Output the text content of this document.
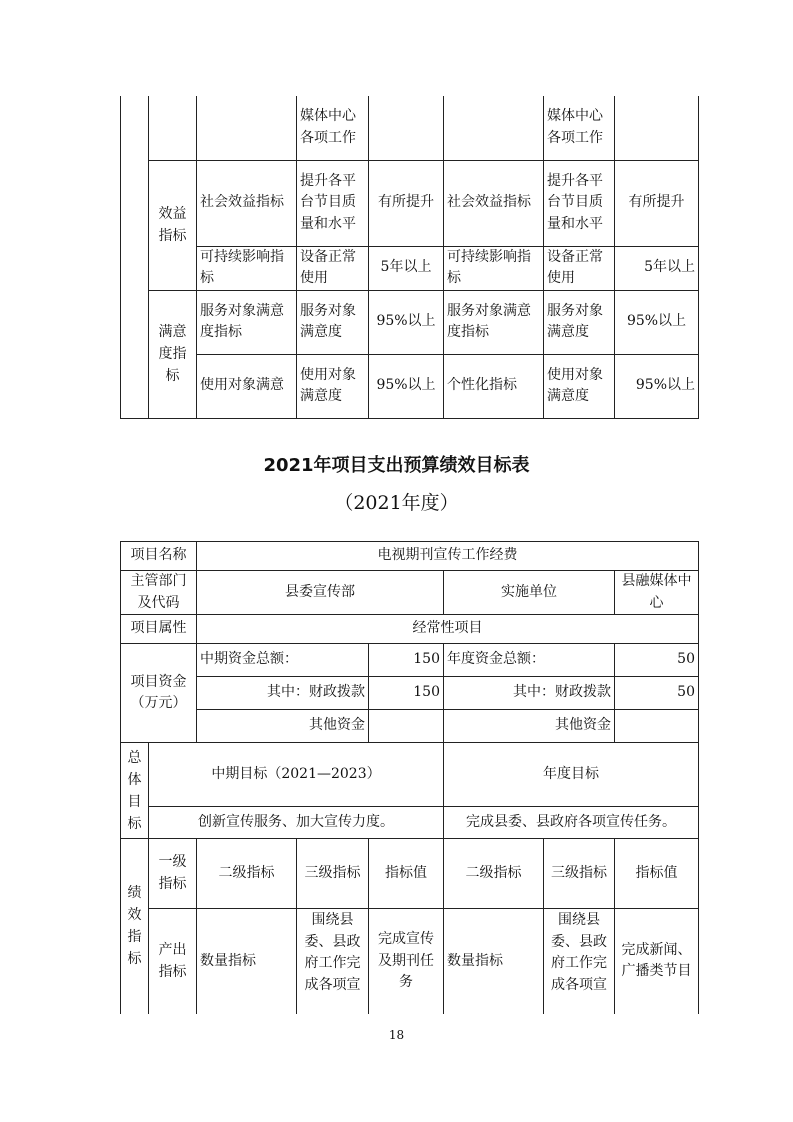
			媒体中心各项工作			媒体中心各项工作	
	效益指标	社会效益指标	提升各平台节目质量和水平	有所提升	社会效益指标	提升各平台节目质量和水平	有所提升
		可持续影响指标	设备正常使用	5年以上	可持续影响指标	设备正常使用	5年以上
	满意度指标	服务对象满意度指标	服务对象满意度	95%以上	服务对象满意度指标	服务对象满意度	95%以上
		使用对象满意	使用对象满意度	95%以上	个性化指标	使用对象满意度	95%以上
2021年项目支出预算绩效目标表
（2021年度）
项目名称		电视期刊宣传工作经费					
主管部门及代码		县委宣传部			实施单位		县融媒体中心
项目属性		经常性项目					
项目资金（万元）		中期资金总额：		150	年度资金总额：		50
		其中：财政拨款		150	其中：财政拨款		50
		其他资金			其他资金		
总体目标	中期目标（2021—2023）				年度目标		
	创新宣传服务、加大宣传力度。				完成县委、县政府各项宣传任务。		
绩效指标	一级指标	二级指标	三级指标	指标值	二级指标	三级指标	指标值
	产出指标	数量指标	围绕县委、县政府工作完成各项宣	完成宣传及期刊任务	数量指标	围绕县委、县政府工作完成各项宣	完成新闻、广播类节目
18
